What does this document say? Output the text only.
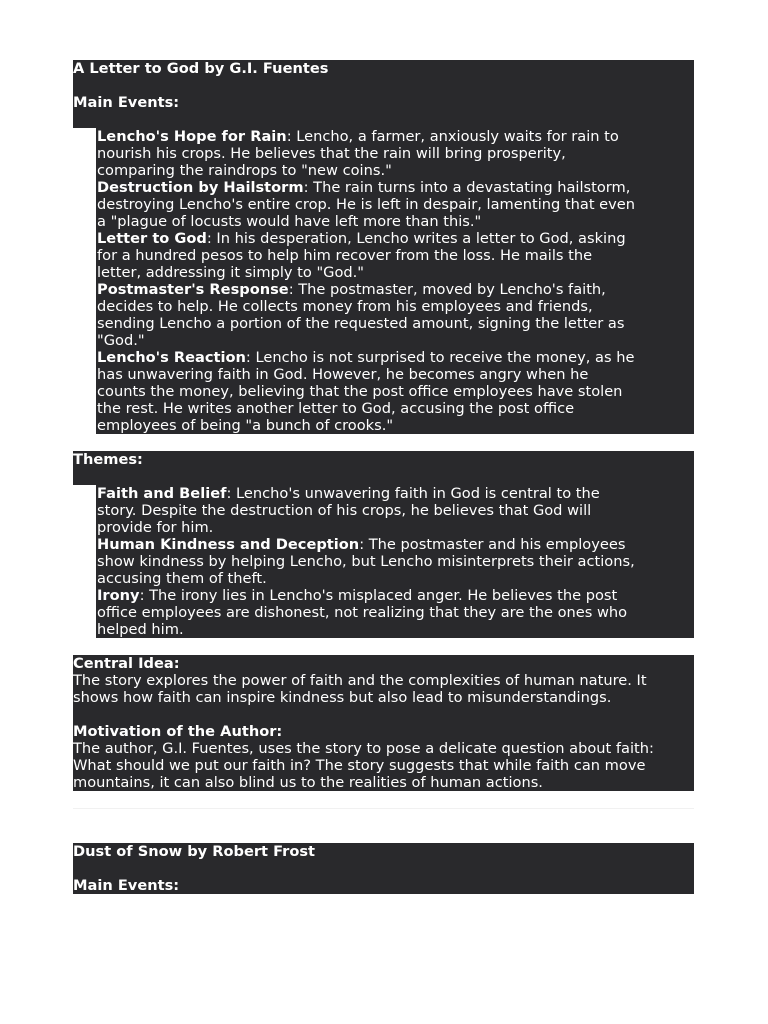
A Letter to God by G.I. Fuentes
Main Events:
1. Lencho's Hope for Rain: Lencho, a farmer, anxiously waits for rain to
nourish his crops. He believes that the rain will bring prosperity,
comparing the raindrops to "new coins."
2. Destruction by Hailstorm: The rain turns into a devastating hailstorm,
destroying Lencho's entire crop. He is left in despair, lamenting that even
a "plague of locusts would have left more than this."
3. Letter to God: In his desperation, Lencho writes a letter to God, asking
for a hundred pesos to help him recover from the loss. He mails the
letter, addressing it simply to "God."
4. Postmaster's Response: The postmaster, moved by Lencho's faith,
decides to help. He collects money from his employees and friends,
sending Lencho a portion of the requested amount, signing the letter as
"God."
5. Lencho's Reaction: Lencho is not surprised to receive the money, as he
has unwavering faith in God. However, he becomes angry when he
counts the money, believing that the post office employees have stolen
the rest. He writes another letter to God, accusing the post office
employees of being "a bunch of crooks."
Themes:
• Faith and Belief: Lencho's unwavering faith in God is central to the
story. Despite the destruction of his crops, he believes that God will
provide for him.
• Human Kindness and Deception: The postmaster and his employees
show kindness by helping Lencho, but Lencho misinterprets their actions,
accusing them of theft.
• Irony: The irony lies in Lencho's misplaced anger. He believes the post
office employees are dishonest, not realizing that they are the ones who
helped him.
Central Idea:
The story explores the power of faith and the complexities of human nature. It
shows how faith can inspire kindness but also lead to misunderstandings.
Motivation of the Author:
The author, G.I. Fuentes, uses the story to pose a delicate question about faith:
What should we put our faith in? The story suggests that while faith can move
mountains, it can also blind us to the realities of human actions.
Dust of Snow by Robert Frost
Main Events:
